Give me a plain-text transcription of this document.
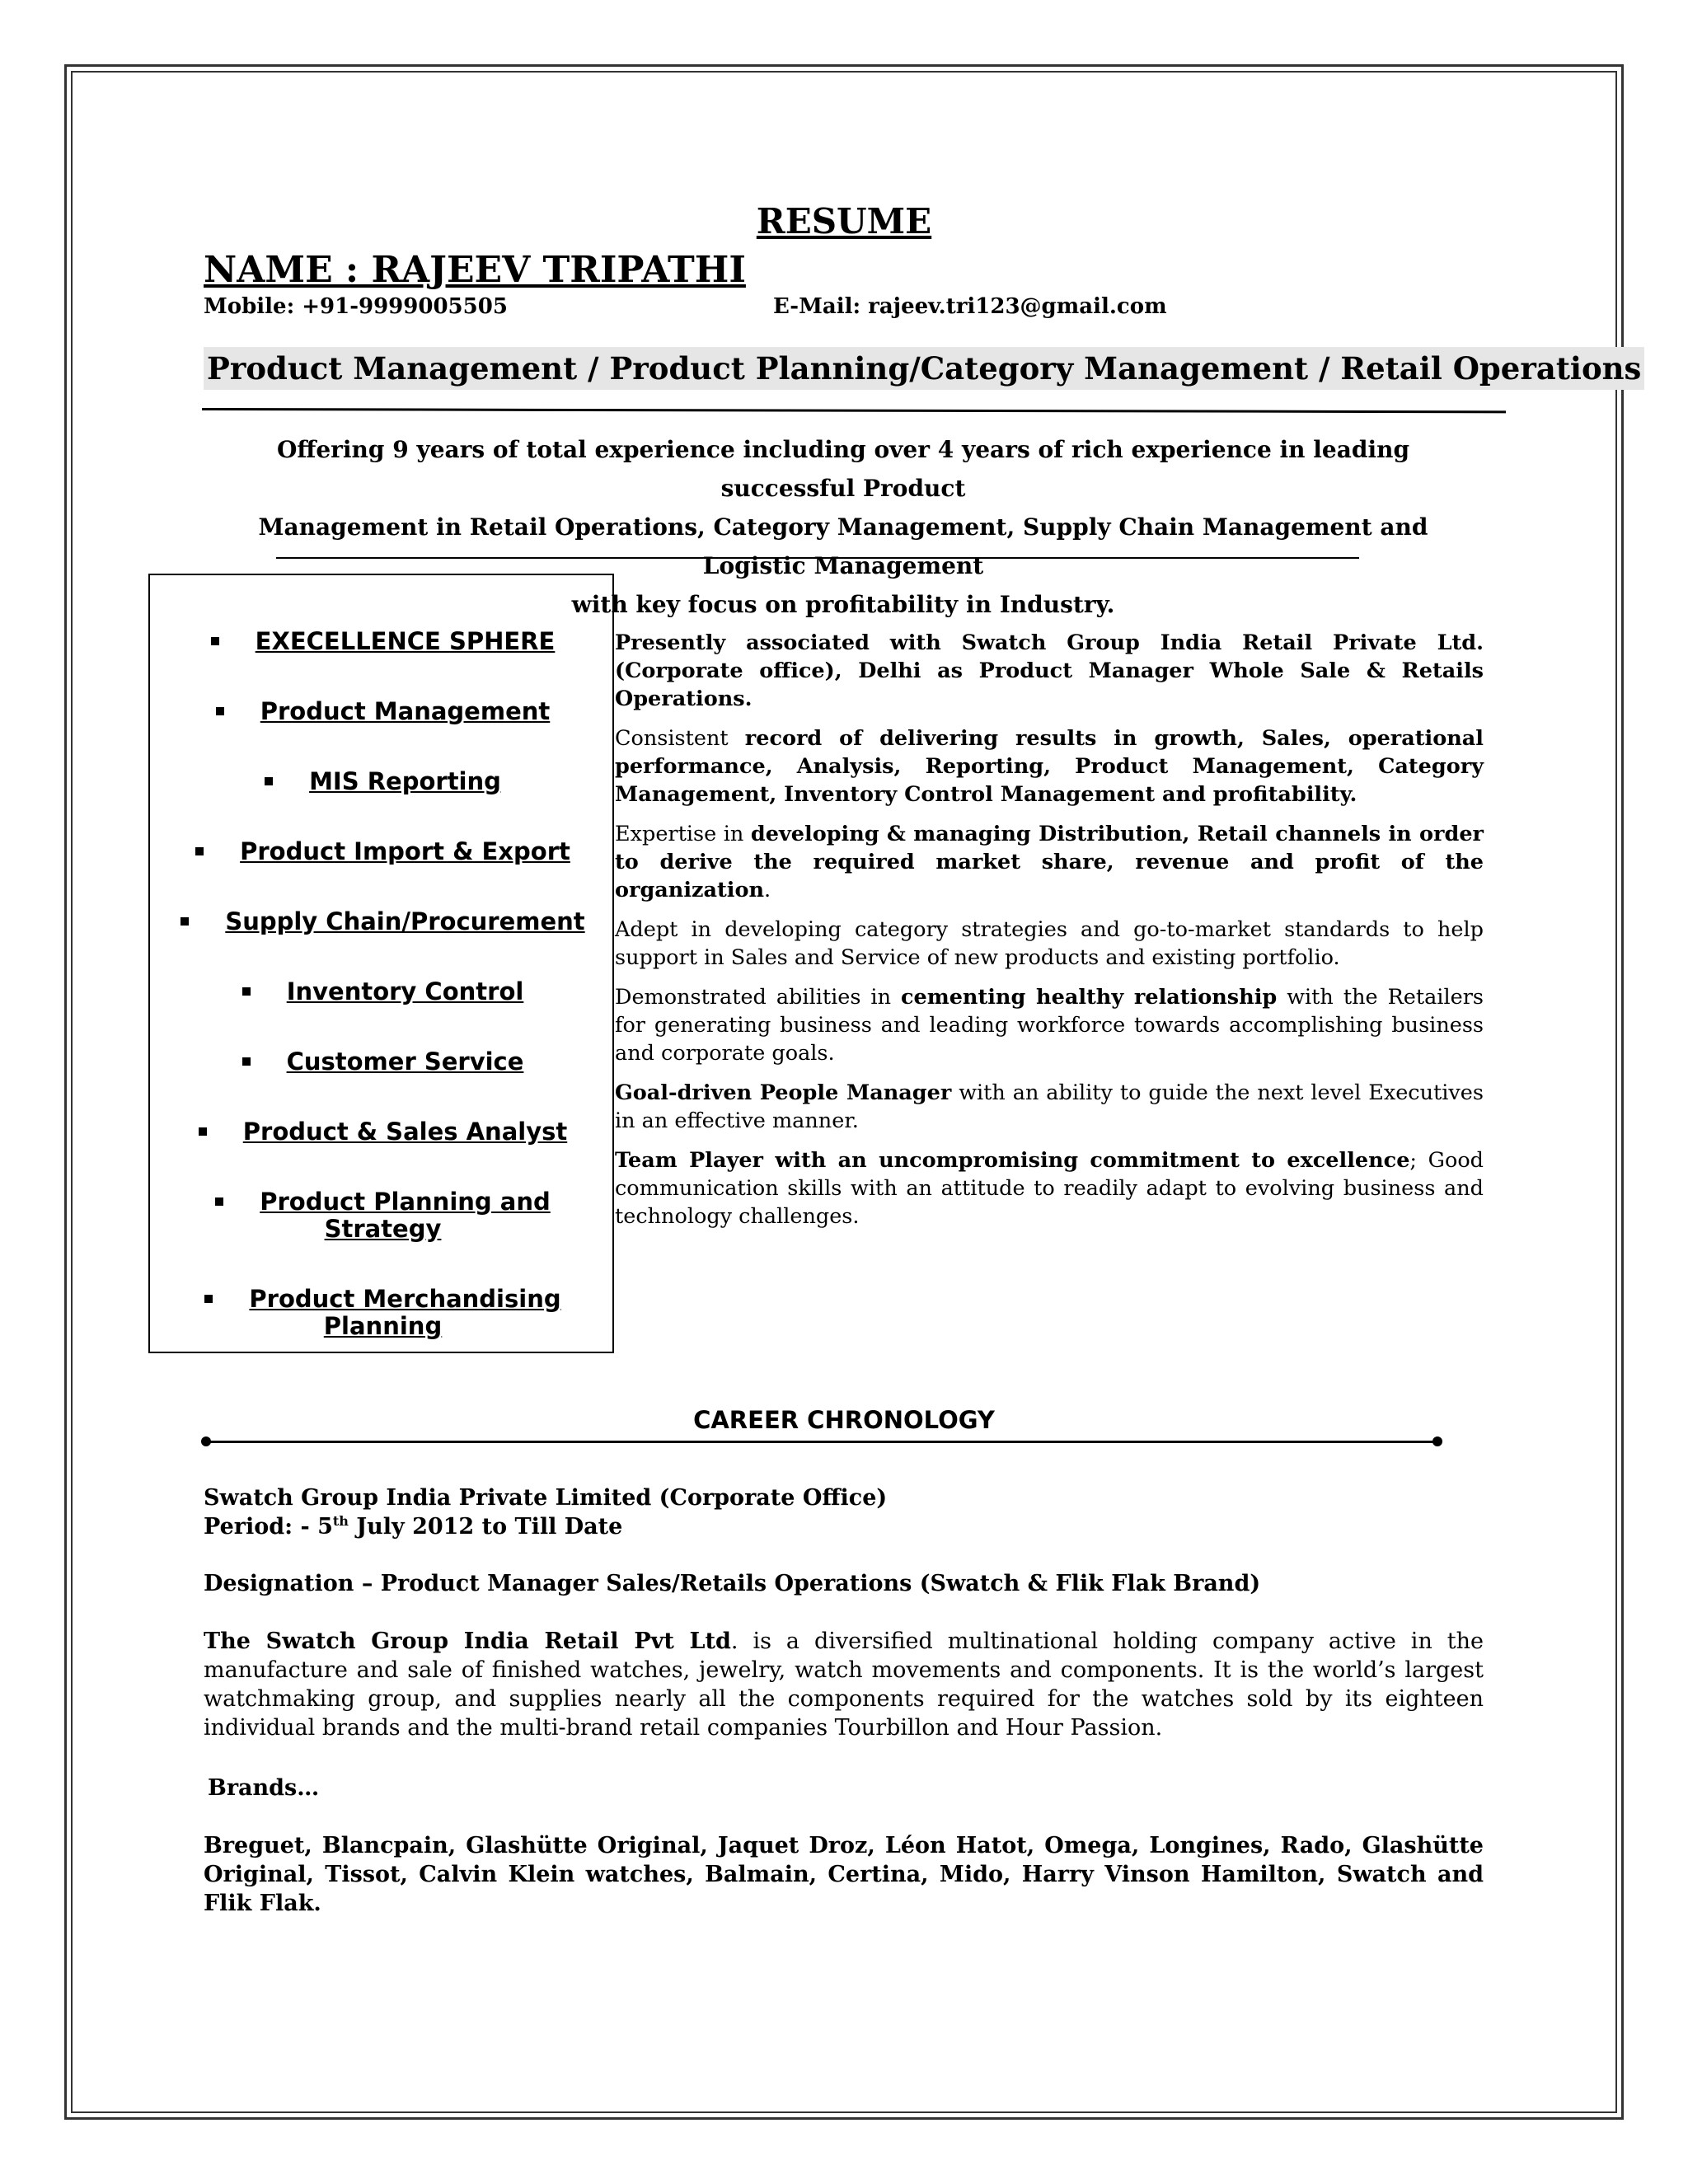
RESUME
NAME : RAJEEV TRIPATHI
Mobile: +91-9999005505	E-Mail: rajeev.tri123@gmail.com
Product Management / Product Planning/Category Management / Retail Operations
Offering 9 years of total experience including over 4 years of rich experience in leading successful Product
Management in Retail Operations, Category Management, Supply Chain Management and Logistic Management
with key focus on profitability in Industry.
EXECELLENCE SPHERE
Product Management
MIS Reporting
Product Import & Export
Supply Chain/Procurement
Inventory Control
Customer Service
Product & Sales Analyst
Product Planning and
Strategy
Product Merchandising
Planning

Presently associated with Swatch Group India Retail Private Ltd. (Corporate office), Delhi as Product Manager Whole Sale & Retails Operations.

Consistent record of delivering results in growth, Sales, operational performance, Analysis, Reporting, Product Management, Category Management, Inventory Control Management and profitability.

Expertise in developing & managing Distribution, Retail channels in order to derive the required market share, revenue and profit of the organization.

Adept in developing category strategies and go-to-market standards to help support in Sales and Service of new products and existing portfolio.

Demonstrated abilities in cementing healthy relationship with the Retailers for generating business and leading workforce towards accomplishing business and corporate goals.

Goal-driven People Manager with an ability to guide the next level Executives in an effective manner.

Team Player with an uncompromising commitment to excellence; Good communication skills with an attitude to readily adapt to evolving business and technology challenges.

CAREER CHRONOLOGY
Swatch Group India Private Limited (Corporate Office)
Period: - 5th July 2012 to Till Date
Designation – Product Manager Sales/Retails Operations (Swatch & Flik Flak Brand)
The Swatch Group India Retail Pvt Ltd. is a diversified multinational holding company active in the manufacture and sale of finished watches, jewelry, watch movements and components. It is the world’s largest watchmaking group, and supplies nearly all the components required for the watches sold by its eighteen individual brands and the multi-brand retail companies Tourbillon and Hour Passion.
Brands…
Breguet, Blancpain, Glashütte Original, Jaquet Droz, Léon Hatot, Omega, Longines, Rado, Glashütte Original, Tissot, Calvin Klein watches, Balmain, Certina, Mido, Harry Vinson Hamilton, Swatch and Flik Flak.
